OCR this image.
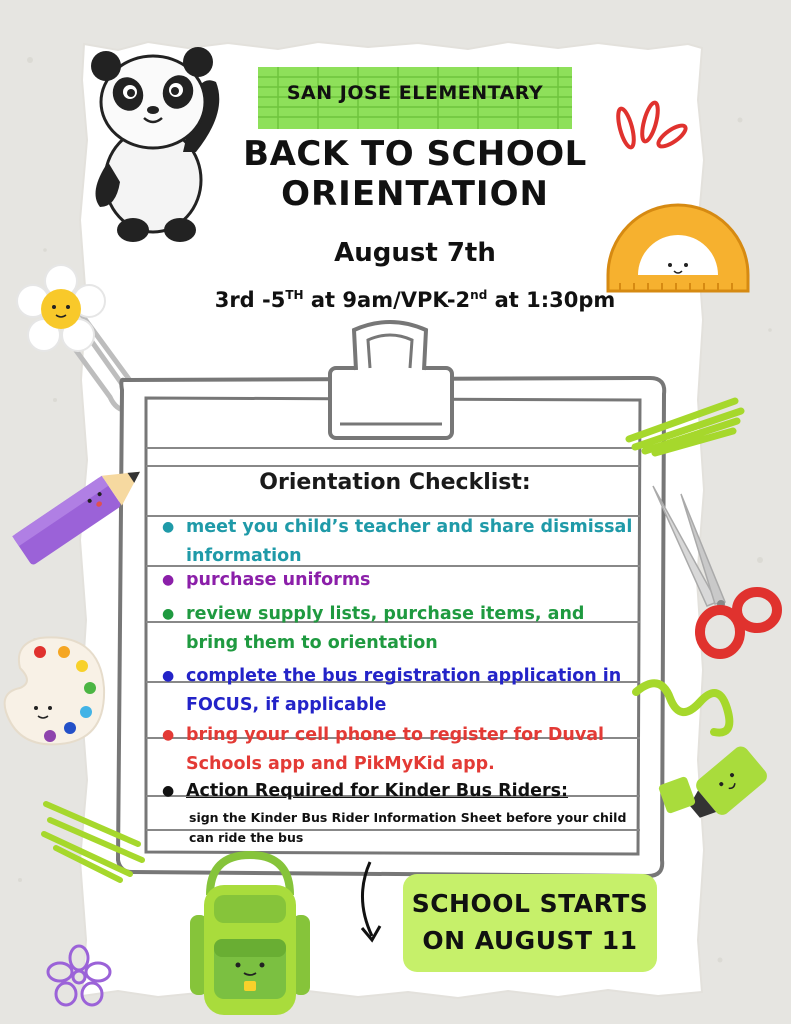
SAN JOSE ELEMENTARY
BACK TO SCHOOL
ORIENTATION
August 7th
3rd -5TH at 9am/VPK-2nd at 1:30pm
Orientation Checklist:
● meet you child’s teacher and share dismissal information
● purchase uniforms
● review supply lists, purchase items, and bring them to orientation
● complete the bus registration application in FOCUS, if applicable
● bring your cell phone to register for Duval Schools app and PikMyKid app.
● Action Required for Kinder Bus Riders:
sign the Kinder Bus Rider Information Sheet before your child can ride the bus
SCHOOL STARTS
ON AUGUST 11
